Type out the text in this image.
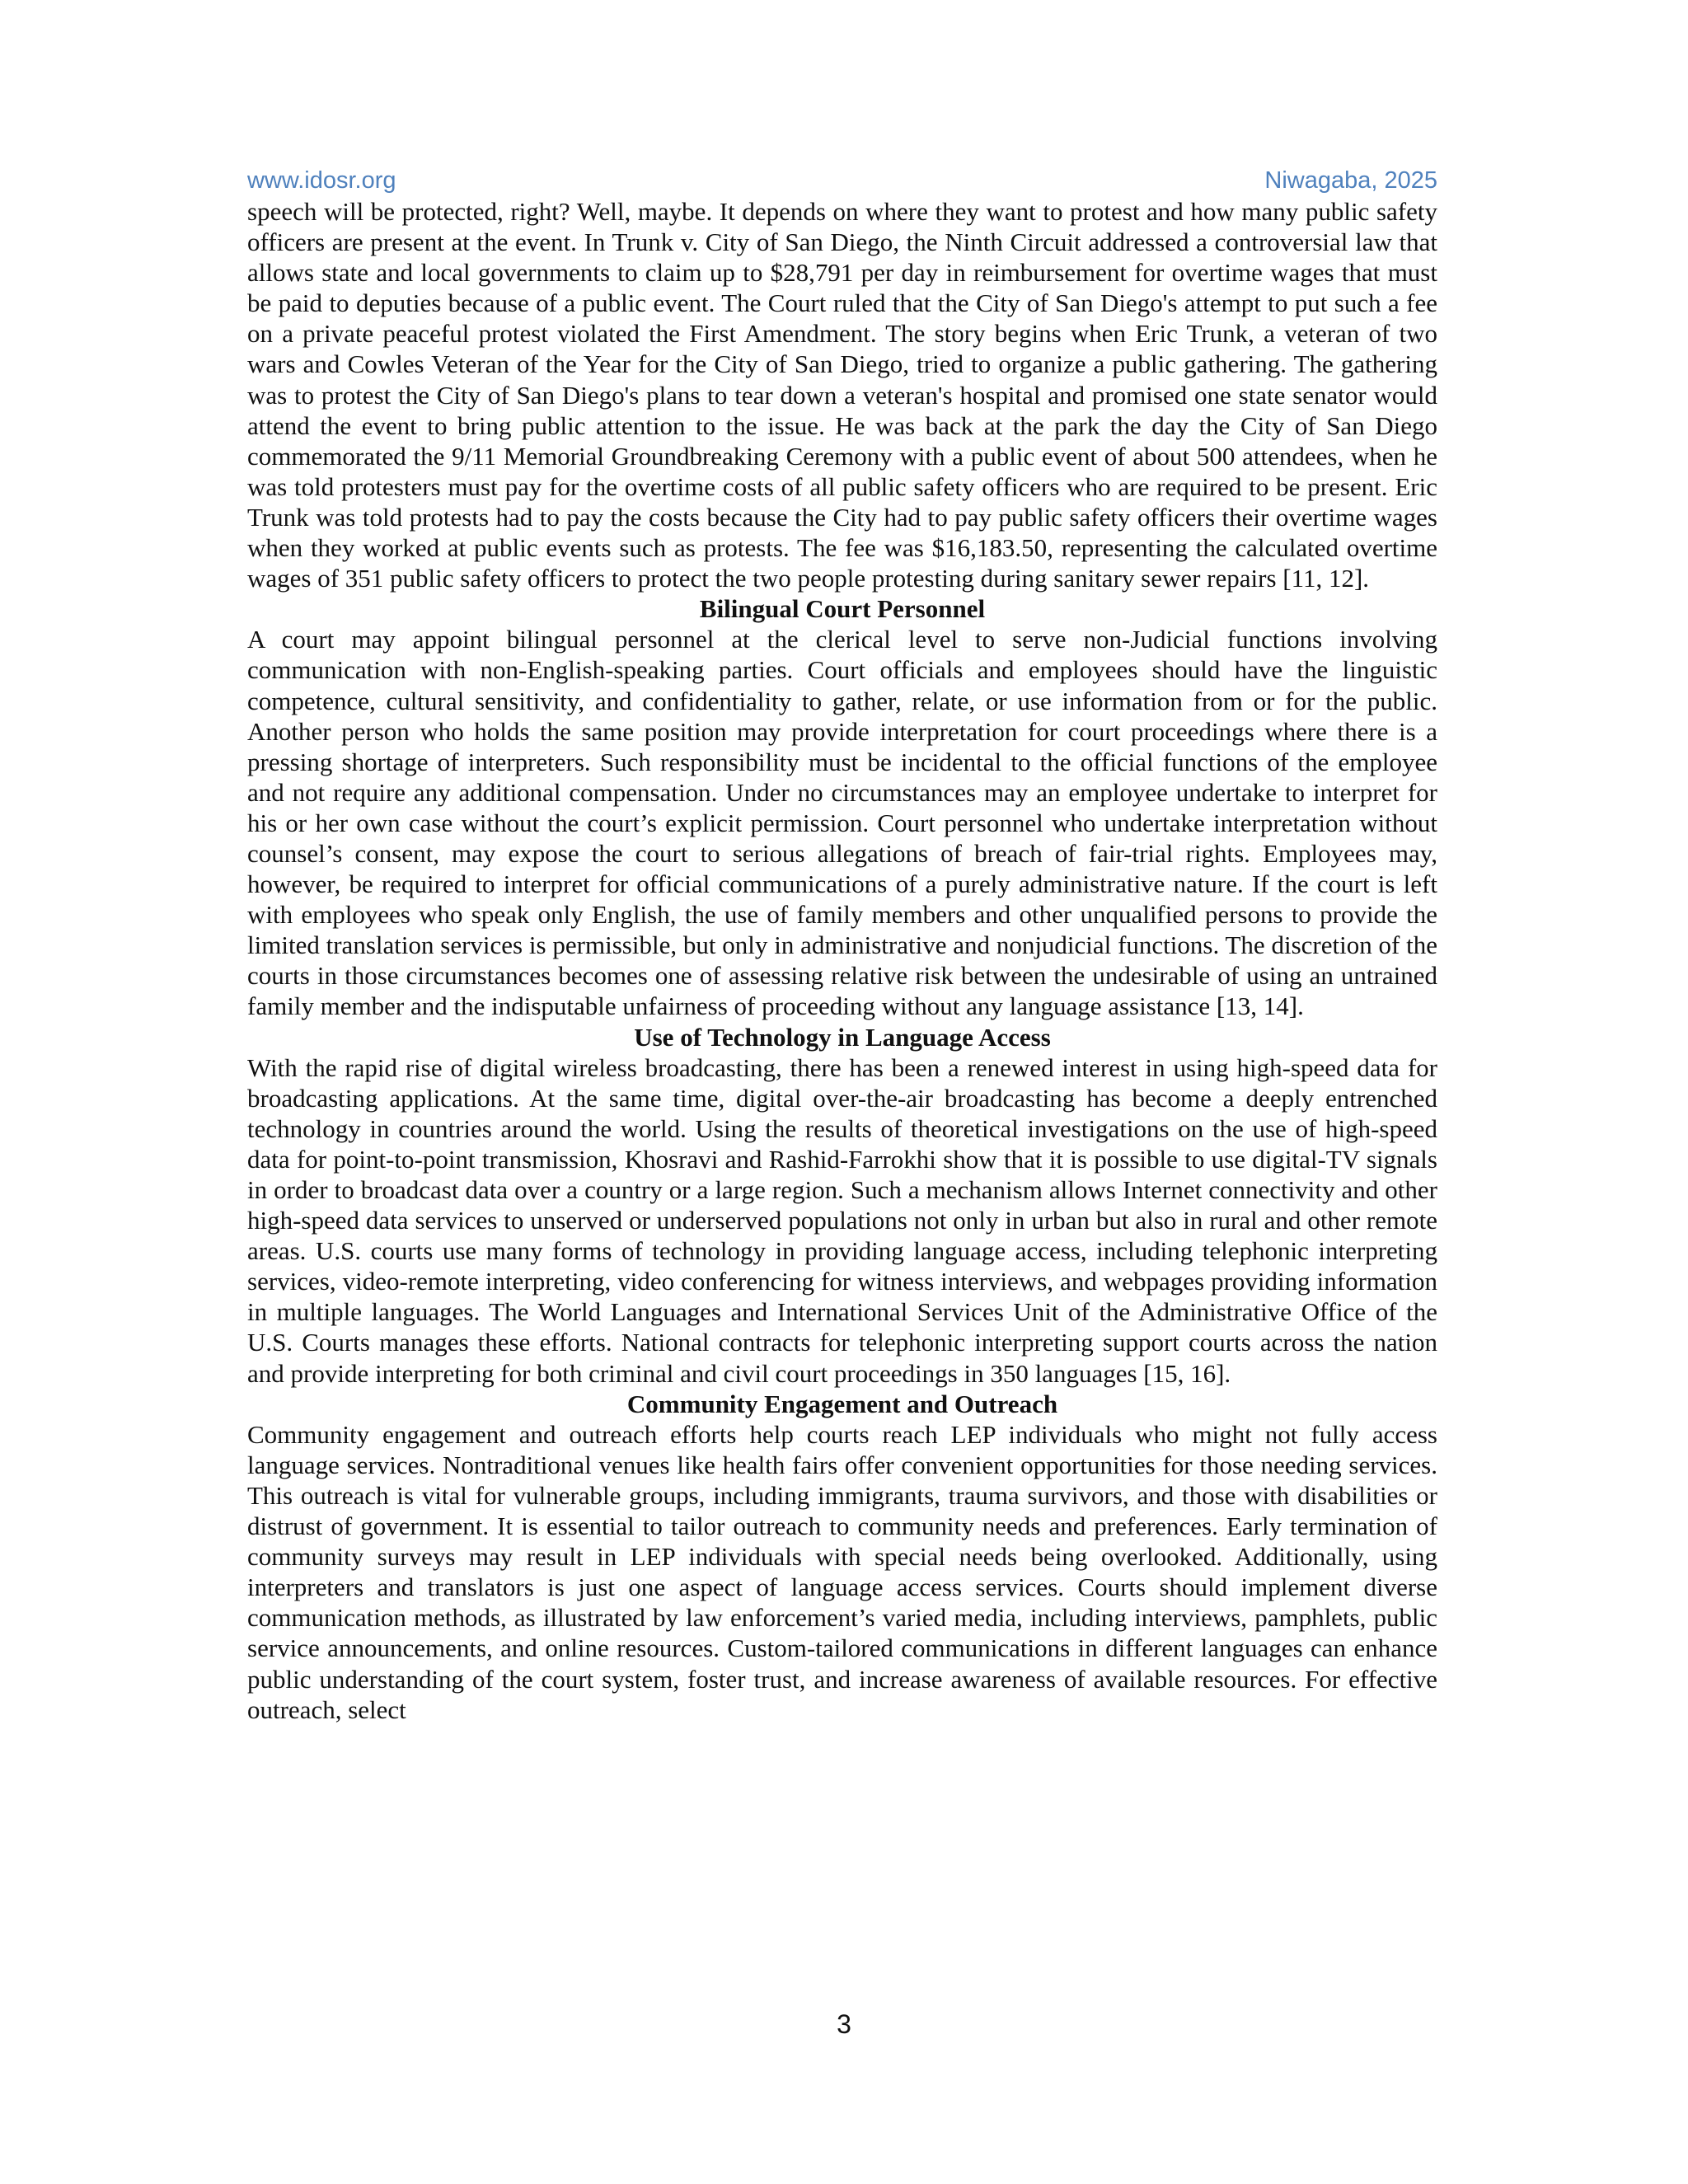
www.idosr.org	Niwagaba, 2025

speech will be protected, right? Well, maybe. It depends on where they want to protest and how many public safety officers are present at the event. In Trunk v. City of San Diego, the Ninth Circuit addressed a controversial law that allows state and local governments to claim up to $28,791 per day in reimbursement for overtime wages that must be paid to deputies because of a public event. The Court ruled that the City of San Diego's attempt to put such a fee on a private peaceful protest violated the First Amendment. The story begins when Eric Trunk, a veteran of two wars and Cowles Veteran of the Year for the City of San Diego, tried to organize a public gathering. The gathering was to protest the City of San Diego's plans to tear down a veteran's hospital and promised one state senator would attend the event to bring public attention to the issue. He was back at the park the day the City of San Diego commemorated the 9/11 Memorial Groundbreaking Ceremony with a public event of about 500 attendees, when he was told protesters must pay for the overtime costs of all public safety officers who are required to be present. Eric Trunk was told protests had to pay the costs because the City had to pay public safety officers their overtime wages when they worked at public events such as protests. The fee was $16,183.50, representing the calculated overtime wages of 351 public safety officers to protect the two people protesting during sanitary sewer repairs [11, 12].

Bilingual Court Personnel

A court may appoint bilingual personnel at the clerical level to serve non-Judicial functions involving communication with non-English-speaking parties. Court officials and employees should have the linguistic competence, cultural sensitivity, and confidentiality to gather, relate, or use information from or for the public. Another person who holds the same position may provide interpretation for court proceedings where there is a pressing shortage of interpreters. Such responsibility must be incidental to the official functions of the employee and not require any additional compensation. Under no circumstances may an employee undertake to interpret for his or her own case without the court’s explicit permission. Court personnel who undertake interpretation without counsel’s consent, may expose the court to serious allegations of breach of fair-trial rights. Employees may, however, be required to interpret for official communications of a purely administrative nature. If the court is left with employees who speak only English, the use of family members and other unqualified persons to provide the limited translation services is permissible, but only in administrative and nonjudicial functions. The discretion of the courts in those circumstances becomes one of assessing relative risk between the undesirable of using an untrained family member and the indisputable unfairness of proceeding without any language assistance [13, 14].

Use of Technology in Language Access

With the rapid rise of digital wireless broadcasting, there has been a renewed interest in using high-speed data for broadcasting applications. At the same time, digital over-the-air broadcasting has become a deeply entrenched technology in countries around the world. Using the results of theoretical investigations on the use of high-speed data for point-to-point transmission, Khosravi and Rashid-Farrokhi show that it is possible to use digital-TV signals in order to broadcast data over a country or a large region. Such a mechanism allows Internet connectivity and other high-speed data services to unserved or underserved populations not only in urban but also in rural and other remote areas. U.S. courts use many forms of technology in providing language access, including telephonic interpreting services, video-remote interpreting, video conferencing for witness interviews, and webpages providing information in multiple languages. The World Languages and International Services Unit of the Administrative Office of the U.S. Courts manages these efforts. National contracts for telephonic interpreting support courts across the nation and provide interpreting for both criminal and civil court proceedings in 350 languages [15, 16].

Community Engagement and Outreach

Community engagement and outreach efforts help courts reach LEP individuals who might not fully access language services. Nontraditional venues like health fairs offer convenient opportunities for those needing services. This outreach is vital for vulnerable groups, including immigrants, trauma survivors, and those with disabilities or distrust of government. It is essential to tailor outreach to community needs and preferences. Early termination of community surveys may result in LEP individuals with special needs being overlooked. Additionally, using interpreters and translators is just one aspect of language access services. Courts should implement diverse communication methods, as illustrated by law enforcement’s varied media, including interviews, pamphlets, public service announcements, and online resources. Custom-tailored communications in different languages can enhance public understanding of the court system, foster trust, and increase awareness of available resources. For effective outreach, select

3
